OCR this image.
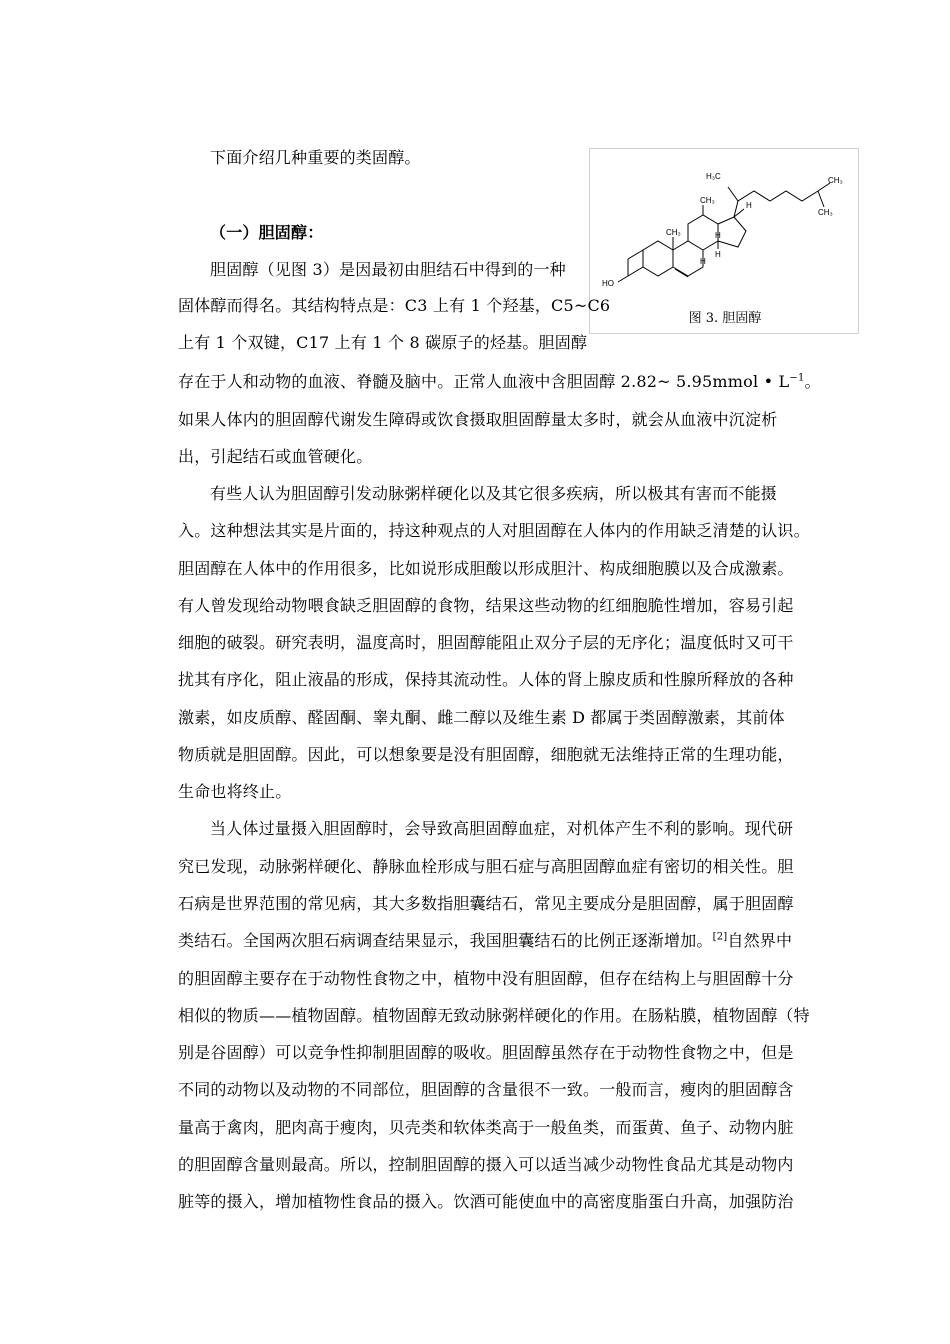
下面介绍几种重要的类固醇。
（一）胆固醇：
H₃C	CH₃
CH₃
CH₃
CH₃
H
H
H
H
HO
图 3. 胆固醇
胆固醇（见图 3）是因最初由胆结石中得到的一种
固体醇而得名。其结构特点是：C3 上有 1 个羟基，C5~C6
上有 1 个双键，C17 上有 1 个 8 碳原子的烃基。胆固醇
存在于人和动物的血液、脊髓及脑中。正常人血液中含胆固醇 2.82~ 5.95mmol • $L^{-1}$。
如果人体内的胆固醇代谢发生障碍或饮食摄取胆固醇量太多时，就会从血液中沉淀析
出，引起结石或血管硬化。
有些人认为胆固醇引发动脉粥样硬化以及其它很多疾病，所以极其有害而不能摄
入。这种想法其实是片面的，持这种观点的人对胆固醇在人体内的作用缺乏清楚的认识。
胆固醇在人体中的作用很多，比如说形成胆酸以形成胆汁、构成细胞膜以及合成激素。
有人曾发现给动物喂食缺乏胆固醇的食物，结果这些动物的红细胞脆性增加，容易引起
细胞的破裂。研究表明，温度高时，胆固醇能阻止双分子层的无序化；温度低时又可干
扰其有序化，阻止液晶的形成，保持其流动性。人体的肾上腺皮质和性腺所释放的各种
激素，如皮质醇、醛固酮、睾丸酮、雌二醇以及维生素 D 都属于类固醇激素，其前体
物质就是胆固醇。因此，可以想象要是没有胆固醇，细胞就无法维持正常的生理功能，
生命也将终止。
当人体过量摄入胆固醇时，会导致高胆固醇血症，对机体产生不利的影响。现代研
究已发现，动脉粥样硬化、静脉血栓形成与胆石症与高胆固醇血症有密切的相关性。胆
石病是世界范围的常见病，其大多数指胆囊结石，常见主要成分是胆固醇，属于胆固醇
类结石。全国两次胆石病调查结果显示，我国胆囊结石的比例正逐渐增加。[2]自然界中
的胆固醇主要存在于动物性食物之中，植物中没有胆固醇，但存在结构上与胆固醇十分
相似的物质——植物固醇。植物固醇无致动脉粥样硬化的作用。在肠粘膜，植物固醇（特
别是谷固醇）可以竞争性抑制胆固醇的吸收。胆固醇虽然存在于动物性食物之中，但是
不同的动物以及动物的不同部位，胆固醇的含量很不一致。一般而言，瘦肉的胆固醇含
量高于禽肉，肥肉高于瘦肉，贝壳类和软体类高于一般鱼类，而蛋黄、鱼子、动物内脏
的胆固醇含量则最高。所以，控制胆固醇的摄入可以适当减少动物性食品尤其是动物内
脏等的摄入，增加植物性食品的摄入。饮酒可能使血中的高密度脂蛋白升高，加强防治
